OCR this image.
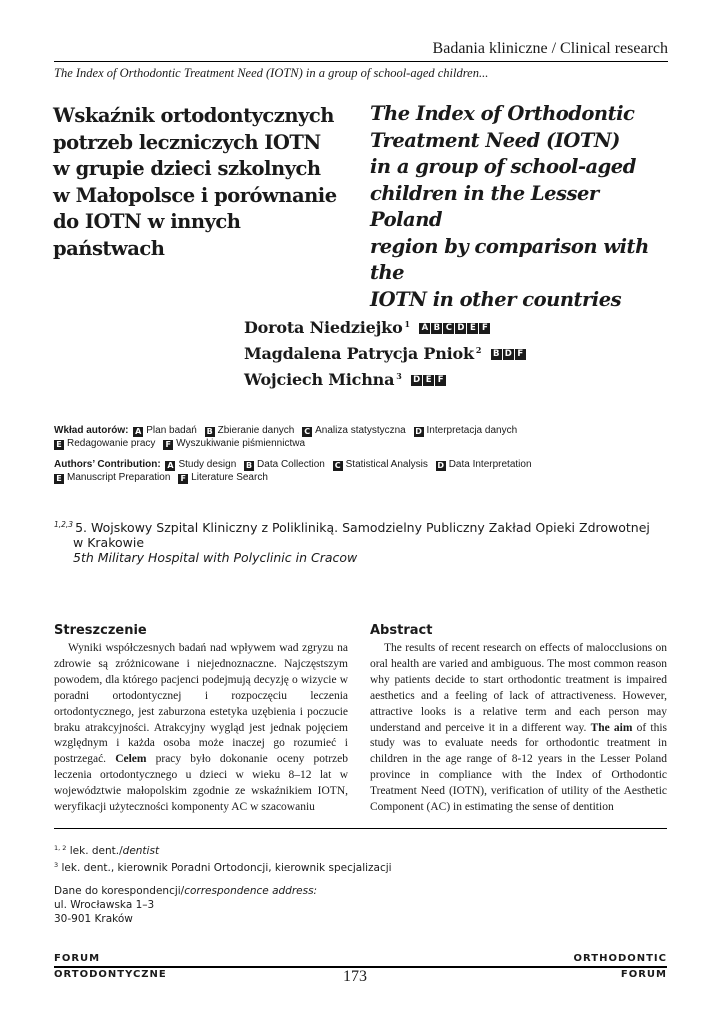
Badania kliniczne / Clinical research
The Index of Orthodontic Treatment Need (IOTN) in a group of school-aged children...
Wskaźnik ortodontycznych
potrzeb leczniczych IOTN
w grupie dzieci szkolnych
w Małopolsce i porównanie
do IOTN w innych państwach
The Index of Orthodontic
Treatment Need (IOTN)
in a group of school-aged
children in the Lesser Poland
region by comparison with the
IOTN in other countries
Dorota Niedziejko $^1$ A B C D E F
Magdalena Patrycja Pniok $^2$ B D F
Wojciech Michna $^3$ D E F
Wkład autorów: A Plan badań B Zbieranie danych C Analiza statystyczna D Interpretacja danych
E Redagowanie pracy F Wyszukiwanie piśmiennictwa
Authors’ Contribution: A Study design B Data Collection C Statistical Analysis D Data Interpretation
E Manuscript Preparation F Literature Search
$^{1,2,3}$ 5. Wojskowy Szpital Kliniczny z Polikliniką. Samodzielny Publiczny Zakład Opieki Zdrowotnej
w Krakowie
5th Military Hospital with Polyclinic in Cracow
Streszczenie

Wyniki współczesnych badań nad wpływem wad zgryzu na zdrowie są zróżnicowane i niejednoznaczne. Najczęstszym powodem, dla którego pacjenci podejmują decyzję o wizycie w poradni ortodontycznej i rozpoczęciu leczenia ortodontycznego, jest zaburzona estetyka uzębienia i poczucie braku atrakcyjności. Atrakcyjny wygląd jest jednak pojęciem względnym i każda osoba może inaczej go rozumieć i postrzegać. Celem pracy było dokonanie oceny potrzeb leczenia ortodontycznego u dzieci w wieku 8–12 lat w województwie małopolskim zgodnie ze wskaźnikiem IOTN, weryfikacji użyteczności komponenty AC w szacowaniu

Abstract

The results of recent research on effects of malocclusions on oral health are varied and ambiguous. The most common reason why patients decide to start orthodontic treatment is impaired aesthetics and a feeling of lack of attractiveness. However, attractive looks is a relative term and each person may understand and perceive it in a different way. The aim of this study was to evaluate needs for orthodontic treatment in children in the age range of 8-12 years in the Lesser Poland province in compliance with the Index of Orthodontic Treatment Need (IOTN), verification of utility of the Aesthetic Component (AC) in estimating the sense of dentition

$^{1, 2}$ lek. dent./dentist
$^3$ lek. dent., kierownik Poradni Ortodoncji, kierownik specjalizacji
Dane do korespondencji/correspondence address:
ul. Wrocławska 1–3
30-901 Kraków
FORUM
ORTODONTYCZNE
ORTHODONTIC
FORUM
173
